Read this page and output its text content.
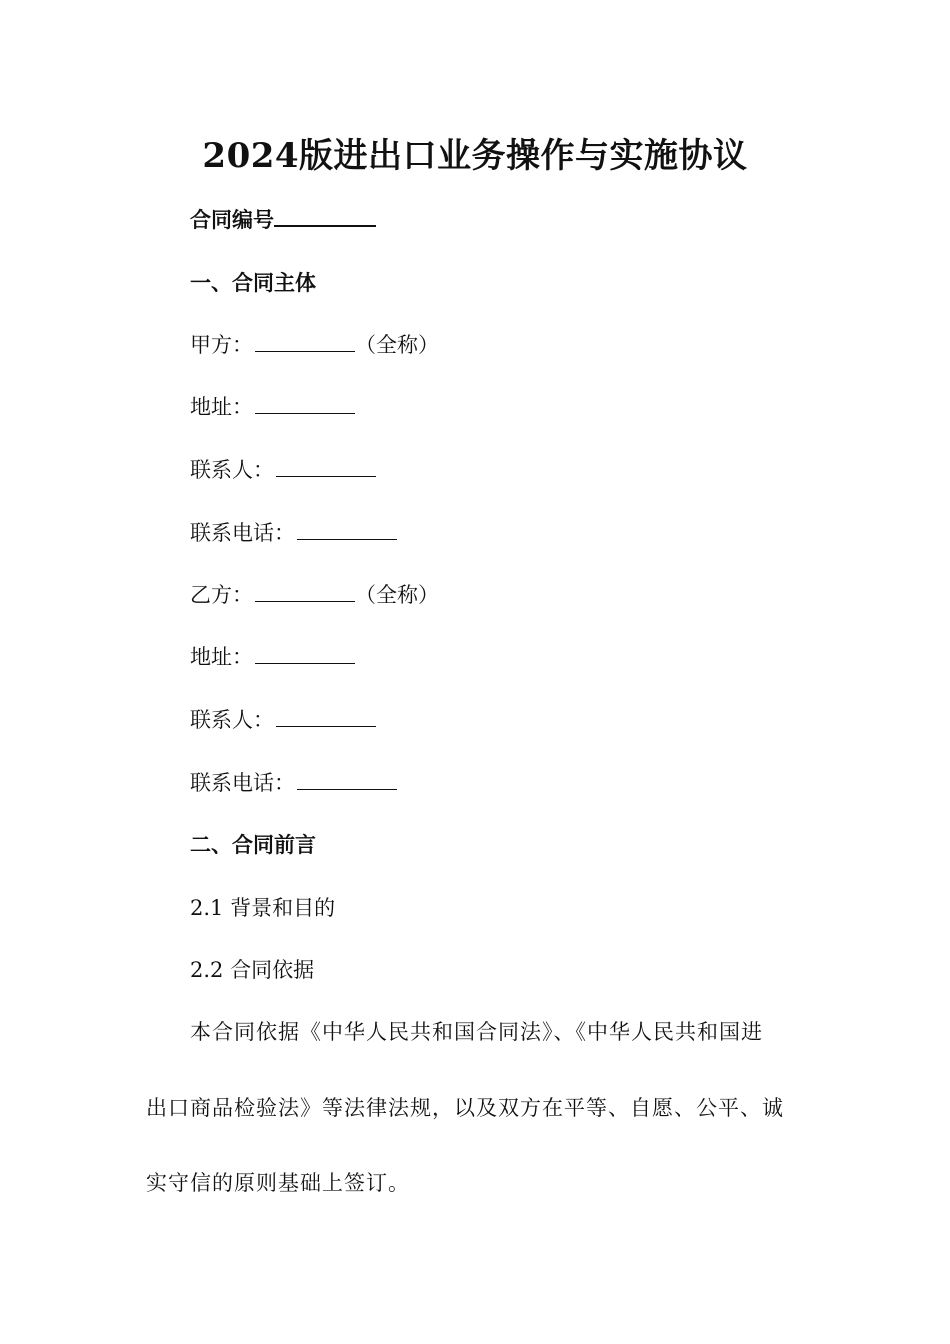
2024版进出口业务操作与实施协议
合同编号
一、合同主体
甲方：	（全称）
地址：
联系人：
联系电话：
乙方：	（全称）
地址：
联系人：
联系电话：
二、合同前言
2.1 背景和目的
2.2 合同依据
本合同依据《中华人民共和国合同法》、《中华人民共和国进
出口商品检验法》等法律法规，以及双方在平等、自愿、公平、诚
实守信的原则基础上签订。
